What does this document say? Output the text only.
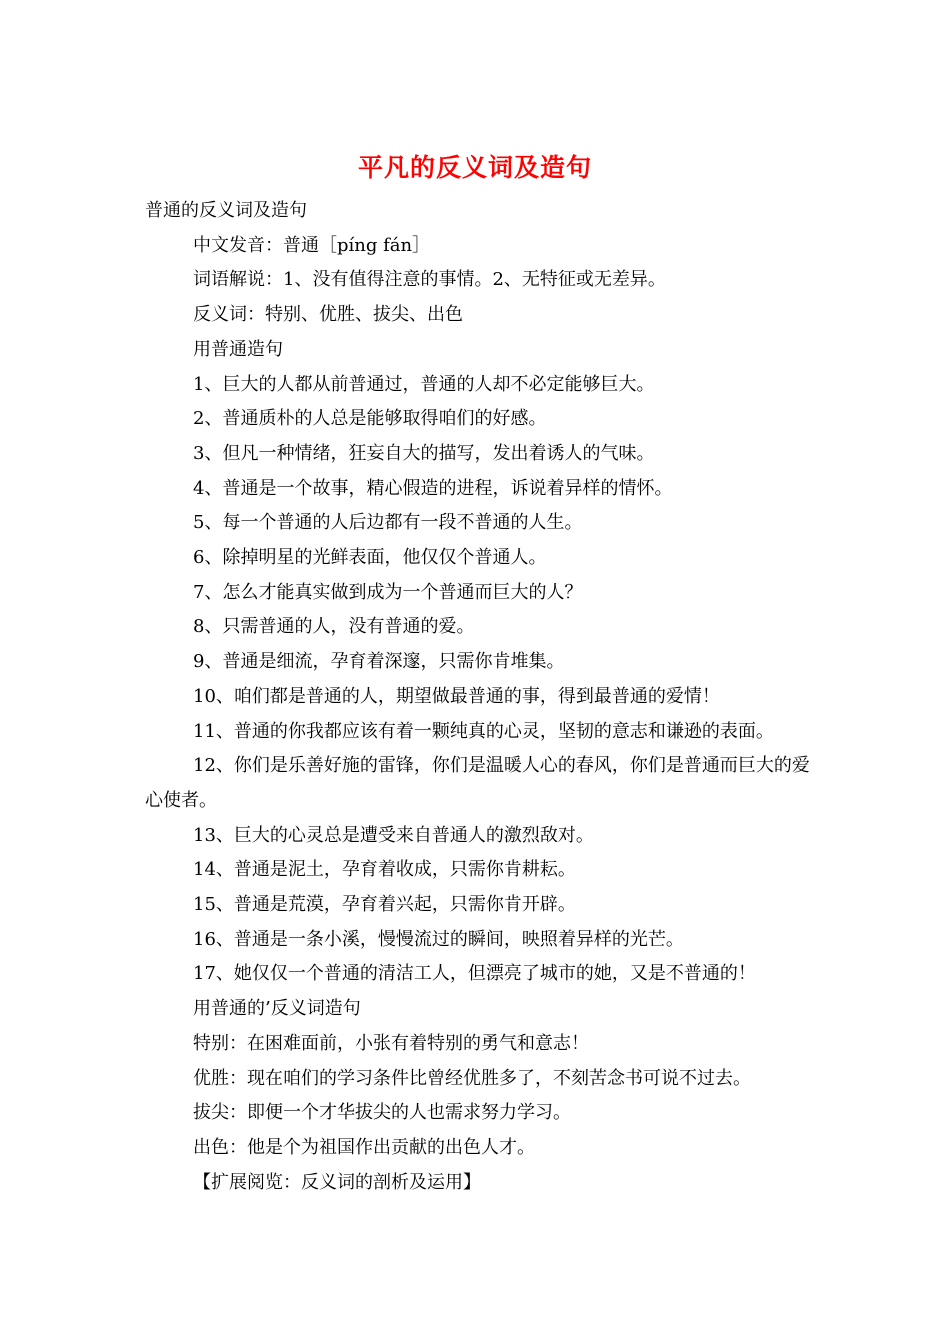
平凡的反义词及造句
普通的反义词及造句
中文发音：普通［píng fán］
词语解说：1、没有值得注意的事情。2、无特征或无差异。
反义词：特别、优胜、拔尖、出色
用普通造句
1、巨大的人都从前普通过，普通的人却不必定能够巨大。
2、普通质朴的人总是能够取得咱们的好感。
3、但凡一种情绪，狂妄自大的描写，发出着诱人的气味。
4、普通是一个故事，精心假造的进程，诉说着异样的情怀。
5、每一个普通的人后边都有一段不普通的人生。
6、除掉明星的光鲜表面，他仅仅个普通人。
7、怎么才能真实做到成为一个普通而巨大的人？
8、只需普通的人，没有普通的爱。
9、普通是细流，孕育着深邃，只需你肯堆集。
10、咱们都是普通的人，期望做最普通的事，得到最普通的爱情！
11、普通的你我都应该有着一颗纯真的心灵，坚韧的意志和谦逊的表面。
12、你们是乐善好施的雷锋，你们是温暖人心的春风，你们是普通而巨大的爱心使者。
13、巨大的心灵总是遭受来自普通人的激烈敌对。
14、普通是泥土，孕育着收成，只需你肯耕耘。
15、普通是荒漠，孕育着兴起，只需你肯开辟。
16、普通是一条小溪，慢慢流过的瞬间，映照着异样的光芒。
17、她仅仅一个普通的清洁工人，但漂亮了城市的她，又是不普通的！
用普通的’反义词造句
特别：在困难面前，小张有着特别的勇气和意志！
优胜：现在咱们的学习条件比曾经优胜多了，不刻苦念书可说不过去。
拔尖：即便一个才华拔尖的人也需求努力学习。
出色：他是个为祖国作出贡献的出色人才。
【扩展阅览：反义词的剖析及运用】
